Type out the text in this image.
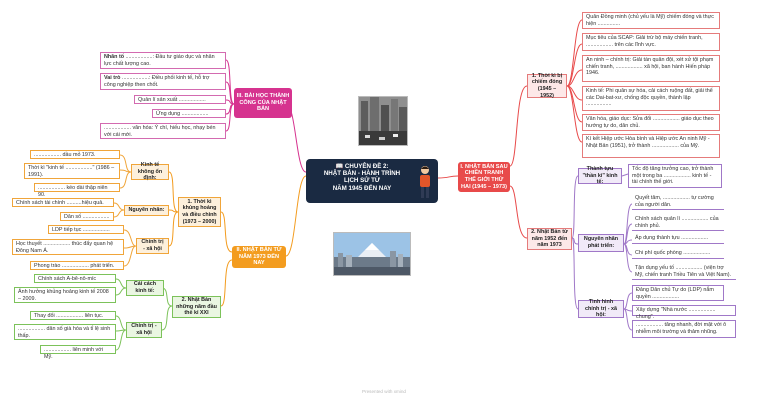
📖 CHUYÊN ĐỀ 2:
NHẬT BẢN - HÀNH TRÌNH
LỊCH SỬ TỪ
NĂM 1945 ĐẾN NAY
I. NHẬT BẢN SAU CHIẾN TRANH THẾ GIỚI THỨ HAI (1945 – 1973)
1. Thời kì bị chiếm đóng (1945 – 1952)
Quân Đồng minh (chủ yếu là Mỹ) chiếm đóng và thực hiện ...............
Mục tiêu của SCAP: Giải trừ bộ máy chiến tranh, .................. trên các lĩnh vực.
An ninh – chính trị: Giải tán quân đội, xét xử tội phạm chiến tranh, .................. xã hội, ban hành Hiến pháp 1946.
Kinh tế: Phi quân sự hóa, cải cách ruộng đất, giải thể các Dai-bat-xư, chống độc quyền, thành lập .................
Văn hóa, giáo dục: Sửa đổi .................. giáo dục theo hướng tự do, dân chủ.
Kí kết Hiệp ước Hòa bình và Hiệp ước An ninh Mỹ - Nhật Bản (1951), trở thành .................. của Mỹ.
2. Nhật Bản từ năm 1952 đến năm 1973
Thành tựu "thần kì" kinh tế:
Tốc độ tăng trưởng cao, trở thành một trong ba .................. kinh tế - tài chính thế giới.
Nguyên nhân phát triển:
Quyết tâm, .................. tự cường của người dân.
Chính sách quản lí .................. của chính phủ.
Áp dụng thành tựu ..................
Chi phí quốc phòng ..................
Tận dụng yếu tố .................. (viện trợ Mỹ, chiến tranh Triều Tiên và Việt Nam).
Tình hình chính trị - xã hội:
Đảng Dân chủ Tự do (LDP) nắm quyền ..................
Xây dựng "Nhà nước .................. chung".
.................. tăng nhanh, đời mặt với ô nhiễm môi trường và thảm nhũng.
II. NHẬT BẢN TỪ NĂM 1973 ĐẾN NAY
1. Thời kì khủng hoảng và điều chỉnh (1973 – 2000)
Kinh tế không ổn định:
.................. dầu mỏ 1973.
Thời kì "kinh tế .................." (1986 – 1991).
.................. kéo dài thập niên 90.
Nguyên nhân:
Chính sách tài chính ..........hiệu quả.
Dân số ..................
Chính trị - xã hội
LDP tiếp tục ..................
Học thuyết .................. thúc đẩy quan hệ Đông Nam Á.
Phong trào .................. phát triển.
2. Nhật Bản những năm đầu thế kỉ XXI
Cải cách kinh tế:
Chính sách A-bê-nô-míc
Ảnh hưởng khủng hoảng kinh tế 2008 – 2009.
Chính trị - xã hội
Thay đổi .................. liên tục.
.................. dân số già hóa và tỉ lệ sinh thấp.
.................. liên minh với Mỹ.
III. BÀI HỌC THÀNH CÔNG CỦA NHẬT BẢN
Nhân tố ..................: Đầu tư giáo dục và nhân lực chất lượng cao.
Vai trò ..................: Điều phối kinh tế, hỗ trợ công nghiệp then chốt.
Quản lí sản xuất ..................
Ứng dụng ..................
.................. văn hóa: Ý chí, hiếu học, nhạy bén với cái mới.
Presented with xmind
